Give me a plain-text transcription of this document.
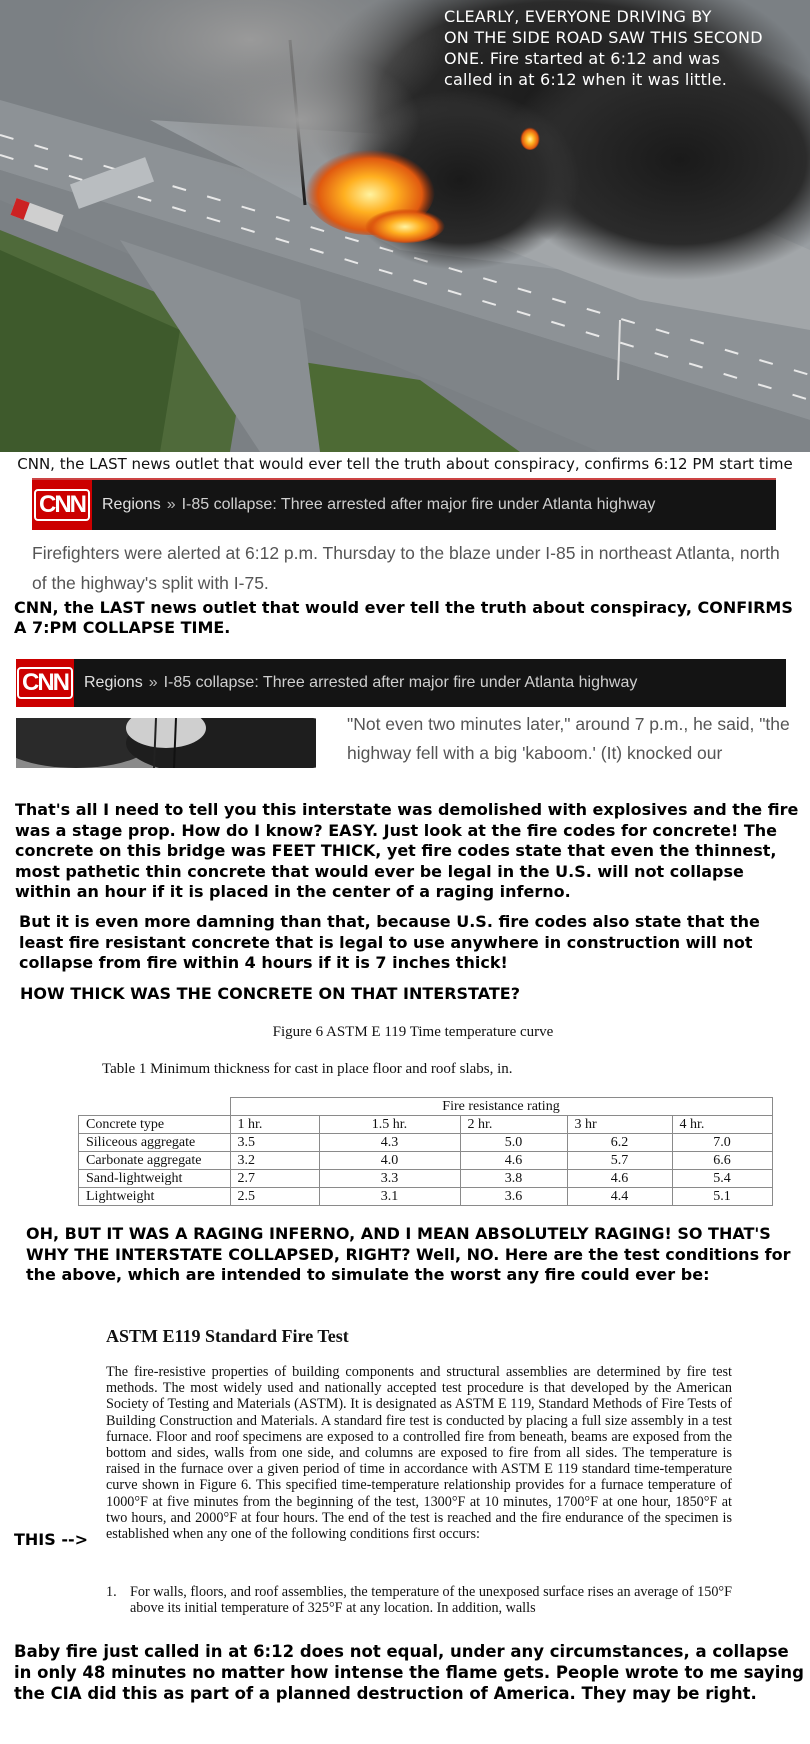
CLEARLY, EVERYONE DRIVING BY
ON THE SIDE ROAD SAW THIS SECOND
ONE. Fire started at 6:12 and was
called in at 6:12 when it was little.
CNN, the LAST news outlet that would ever tell the truth about conspiracy, confirms 6:12 PM start time
CNN	Regions » I-85 collapse: Three arrested after major fire under Atlanta highway
Firefighters were alerted at 6:12 p.m. Thursday to the blaze under I-85 in northeast Atlanta, north of the highway's split with I-75.
CNN, the LAST news outlet that would ever tell the truth about conspiracy, CONFIRMS A 7:PM COLLAPSE TIME.
CNN	Regions » I-85 collapse: Three arrested after major fire under Atlanta highway
"Not even two minutes later," around 7 p.m., he said, "the highway fell with a big 'kaboom.' (It) knocked our
That's all I need to tell you this interstate was demolished with explosives and the fire was a stage prop. How do I know? EASY. Just look at the fire codes for concrete! The concrete on this bridge was FEET THICK, yet fire codes state that even the thinnest, most pathetic thin concrete that would ever be legal in the U.S. will not collapse within an hour if it is placed in the center of a raging inferno.
But it is even more damning than that, because U.S. fire codes also state that the least fire resistant concrete that is legal to use anywhere in construction will not collapse from fire within 4 hours if it is 7 inches thick!
HOW THICK WAS THE CONCRETE ON THAT INTERSTATE?
Figure 6 ASTM E 119 Time temperature curve
Table 1 Minimum thickness for cast in place floor and roof slabs, in.
	Fire resistance rating				
Concrete type	1 hr.	1.5 hr.	2 hr.	3 hr	4 hr.
Siliceous aggregate	3.5	4.3	5.0	6.2	7.0
Carbonate aggregate	3.2	4.0	4.6	5.7	6.6
Sand-lightweight	2.7	3.3	3.8	4.6	5.4
Lightweight	2.5	3.1	3.6	4.4	5.1
OH, BUT IT WAS A RAGING INFERNO, AND I MEAN ABSOLUTELY RAGING! SO THAT'S WHY THE INTERSTATE COLLAPSED, RIGHT? Well, NO. Here are the test conditions for the above, which are intended to simulate the worst any fire could ever be:
ASTM E119 Standard Fire Test
The fire-resistive properties of building components and structural assemblies are determined by fire test methods. The most widely used and nationally accepted test procedure is that developed by the American Society of Testing and Materials (ASTM). It is designated as ASTM E 119, Standard Methods of Fire Tests of Building Construction and Materials. A standard fire test is conducted by placing a full size assembly in a test furnace. Floor and roof specimens are exposed to a controlled fire from beneath, beams are exposed from the bottom and sides, walls from one side, and columns are exposed to fire from all sides. The temperature is raised in the furnace over a given period of time in accordance with ASTM E 119 standard time-temperature curve shown in Figure 6. This specified time-temperature relationship provides for a furnace temperature of 1000°F at five minutes from the beginning of the test, 1300°F at 10 minutes, 1700°F at one hour, 1850°F at two hours, and 2000°F at four hours. The end of the test is reached and the fire endurance of the specimen is established when any one of the following conditions first occurs:
1. For walls, floors, and roof assemblies, the temperature of the unexposed surface rises an average of 150°F above its initial temperature of 325°F at any location. In addition, walls
THIS -->
Baby fire just called in at 6:12 does not equal, under any circumstances, a collapse in only 48 minutes no matter how intense the flame gets. People wrote to me saying the CIA did this as part of a planned destruction of America. They may be right.
